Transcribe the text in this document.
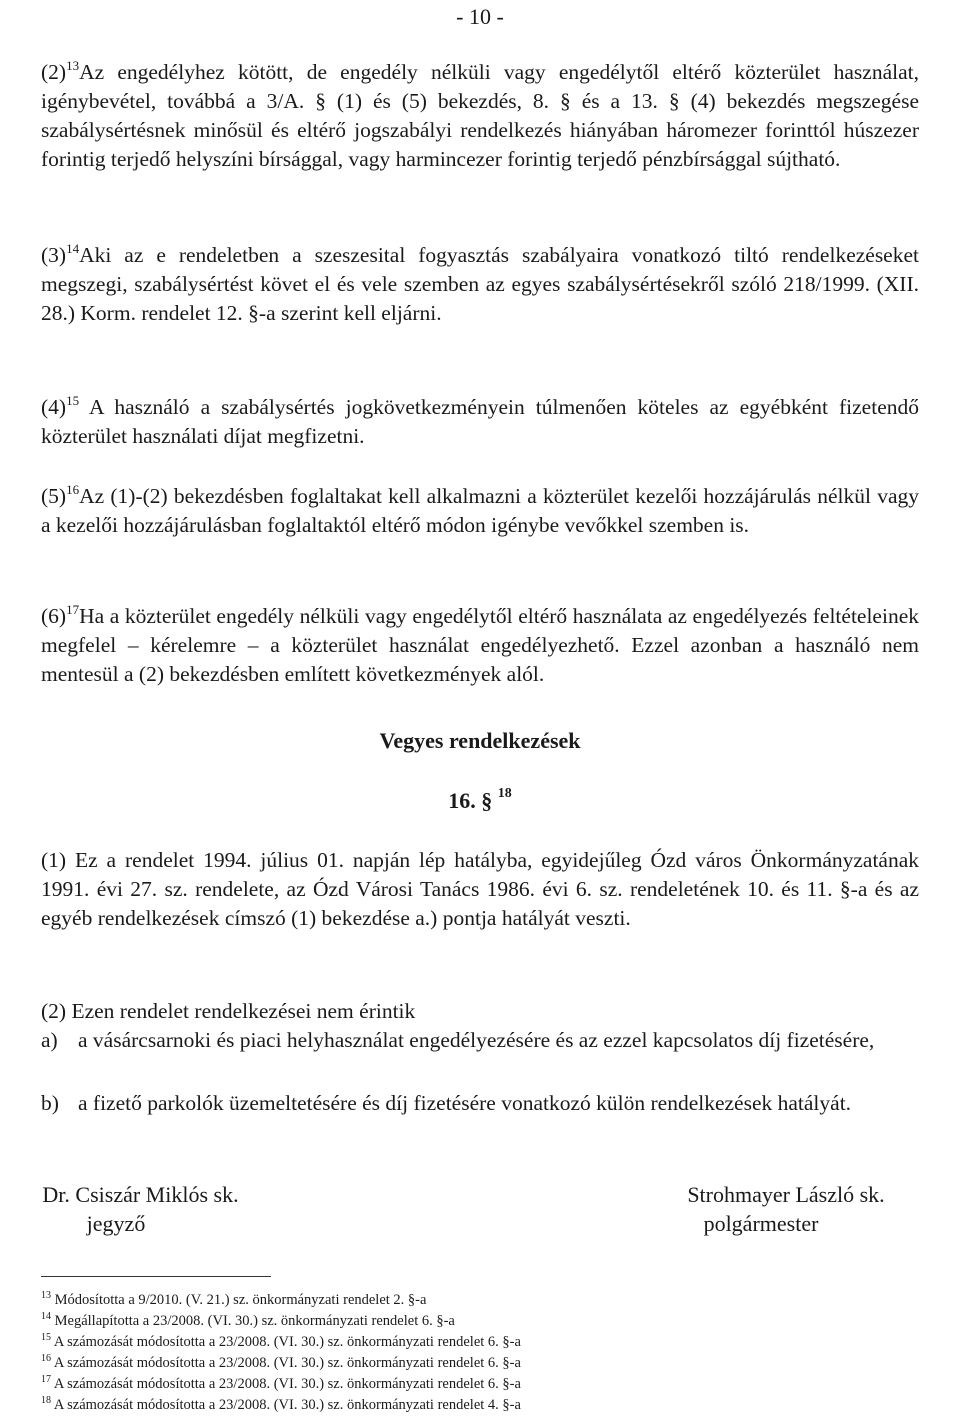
- 10 -

$(2)^{13}Az$ engedélyhez kötött, de engedély nélküli vagy engedélytől eltérő közterület használat, igénybevétel, továbbá a 3/A. § (1) és (5) bekezdés, 8. § és a 13. § (4) bekezdés megszegése szabálysértésnek minősül és eltérő jogszabályi rendelkezés hiányában háromezer forinttól húszezer forintig terjedő helyszíni bírsággal, vagy harmincezer forintig terjedő pénzbírsággal sújtható.

$(3)^{14}Aki$ az e rendeletben a szeszesital fogyasztás szabályaira vonatkozó tiltó rendelkezéseket megszegi, szabálysértést követ el és vele szemben az egyes szabálysértésekről szóló 218/1999. (XII. 28.) Korm. rendelet 12. §-a szerint kell eljárni.

$(4)^{15}$ A használó a szabálysértés jogkövetkezményein túlmenően köteles az egyébként fizetendő közterület használati díjat megfizetni.

$(5)^{16}Az$ (1)-(2) bekezdésben foglaltakat kell alkalmazni a közterület kezelői hozzájárulás nélkül vagy a kezelői hozzájárulásban foglaltaktól eltérő módon igénybe vevőkkel szemben is.

$(6)^{17}Ha$ a közterület engedély nélküli vagy engedélytől eltérő használata az engedélyezés feltételeinek megfelel – kérelemre – a közterület használat engedélyezhető. Ezzel azonban a használó nem mentesül a (2) bekezdésben említett következmények alól.

Vegyes rendelkezések
16. § $^{18}$

(1) Ez a rendelet 1994. július 01. napján lép hatályba, egyidejűleg Ózd város Önkormányzatának 1991. évi 27. sz. rendelete, az Ózd Városi Tanács 1986. évi 6. sz. rendeletének 10. és 11. §-a és az egyéb rendelkezések címszó (1) bekezdése a.) pontja hatályát veszti.

(2) Ezen rendelet rendelkezései nem érintik

a) a vásárcsarnoki és piaci helyhasználat engedélyezésére és az ezzel kapcsolatos díj fizetésére,

b) a fizető parkolók üzemeltetésére és díj fizetésére vonatkozó külön rendelkezések hatályát.

Dr. Csiszár Miklós sk.
jegyző
Strohmayer László sk.
polgármester
$^{13}$ Módosította a 9/2010. (V. 21.) sz. önkormányzati rendelet 2. §-a
$^{14}$ Megállapította a 23/2008. (VI. 30.) sz. önkormányzati rendelet 6. §-a
$^{15}$ A számozását módosította a 23/2008. (VI. 30.) sz. önkormányzati rendelet 6. §-a
$^{16}$ A számozását módosította a 23/2008. (VI. 30.) sz. önkormányzati rendelet 6. §-a
$^{17}$ A számozását módosította a 23/2008. (VI. 30.) sz. önkormányzati rendelet 6. §-a
$^{18}$ A számozását módosította a 23/2008. (VI. 30.) sz. önkormányzati rendelet 4. §-a
